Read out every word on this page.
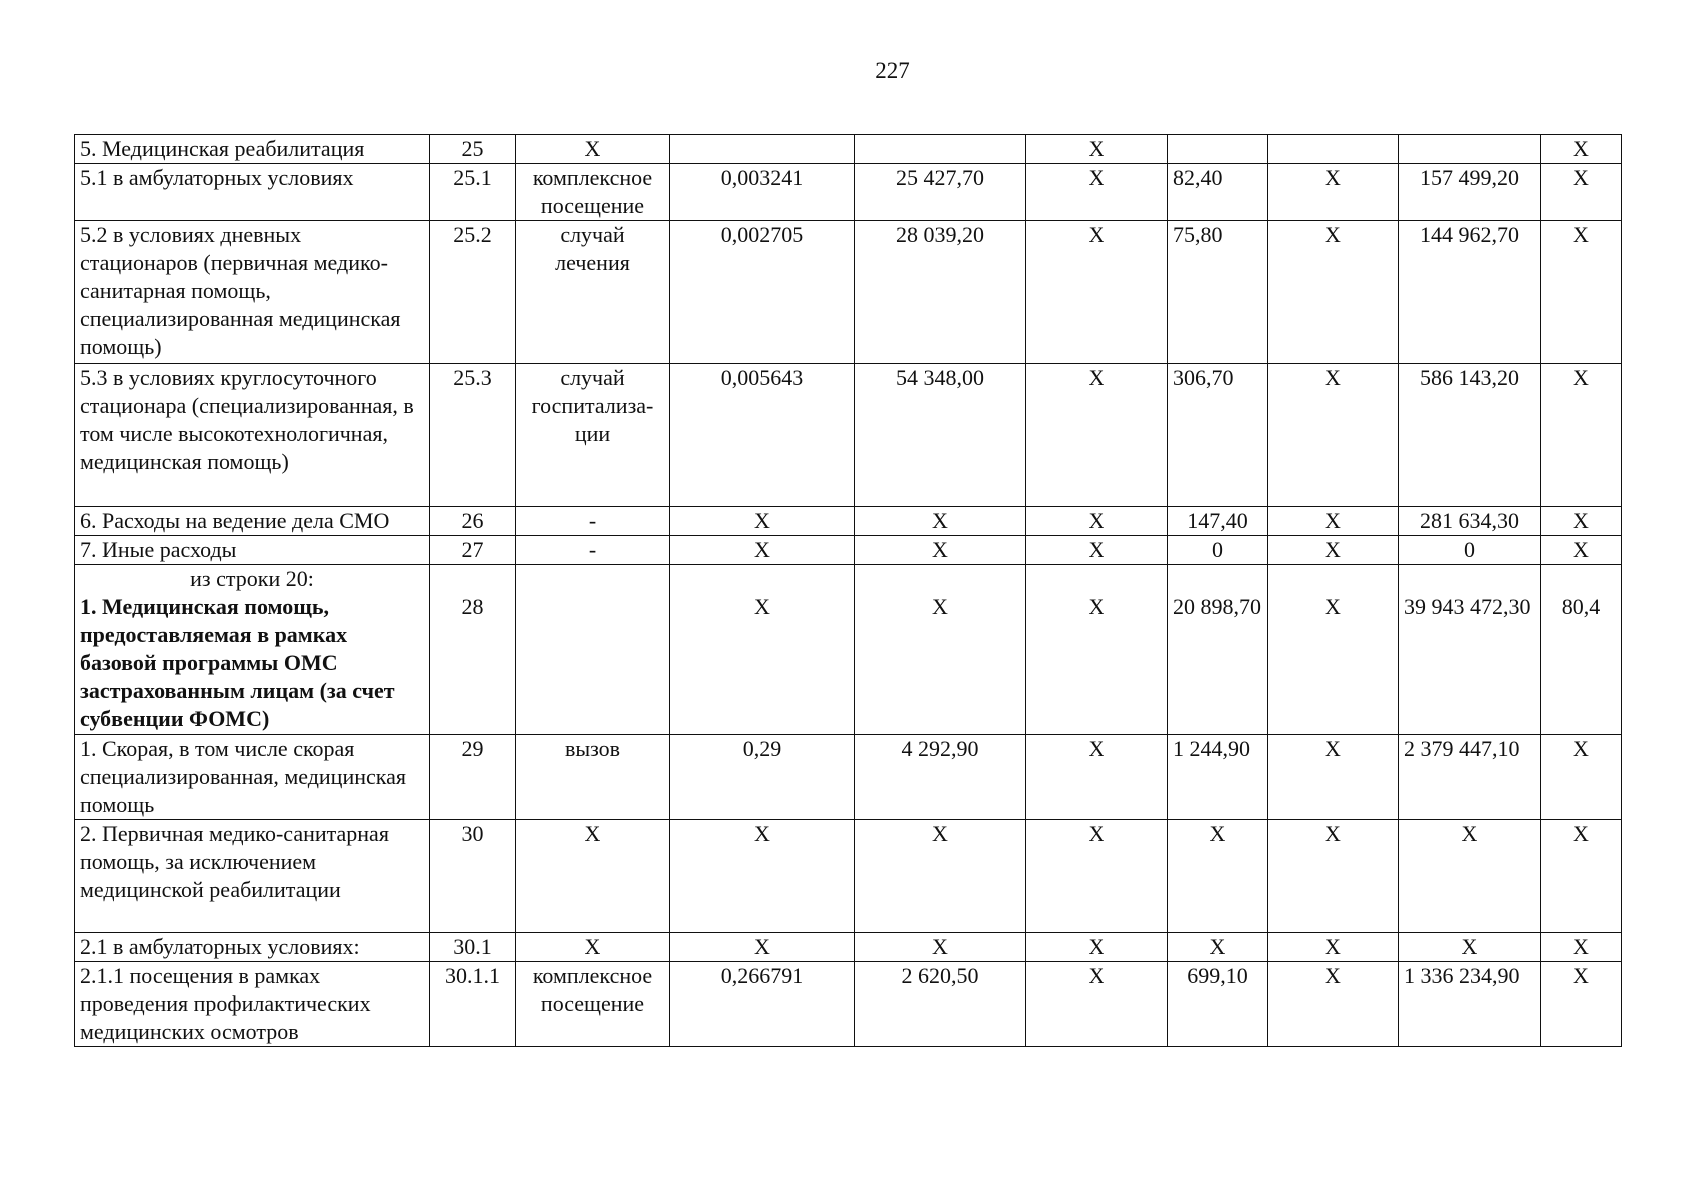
227
5. Медицинская реабилитация	25	X			X				X
5.1 в амбулаторных условиях	25.1	комплексное посещение	0,003241	25 427,70	X	82,40	X	157 499,20	X
5.2 в условиях дневных стационаров (первичная медико-санитарная помощь, специализированная медицинская помощь)	25.2	случай лечения	0,002705	28 039,20	X	75,80	X	144 962,70	X
5.3 в условиях круглосуточного стационара (специализированная, в том числе высокотехнологичная, медицинская помощь)	25.3	случай госпитализа-ции	0,005643	54 348,00	X	306,70	X	586 143,20	X
6. Расходы на ведение дела СМО	26	-	X	X	X	147,40	X	281 634,30	X
7. Иные расходы	27	-	X	X	X	0	X	0	X

из строки 20:
1. Медицинская помощь, предоставляемая в рамках базовой программы ОМС застрахованным лицам (за счет субвенции ФОМС)	28		X	X	X	20 898,70	X	39 943 472,30	80,4

1. Скорая, в том числе скорая специализированная, медицинская помощь	29	вызов	0,29	4 292,90	X	1 244,90	X	2 379 447,10	X
2. Первичная медико-санитарная помощь, за исключением медицинской реабилитации	30	X	X	X	X	X	X	X	X
2.1 в амбулаторных условиях:	30.1	X	X	X	X	X	X	X	X
2.1.1 посещения в рамках проведения профилактических медицинских осмотров	30.1.1	комплексное посещение	0,266791	2 620,50	X	699,10	X	1 336 234,90	X
